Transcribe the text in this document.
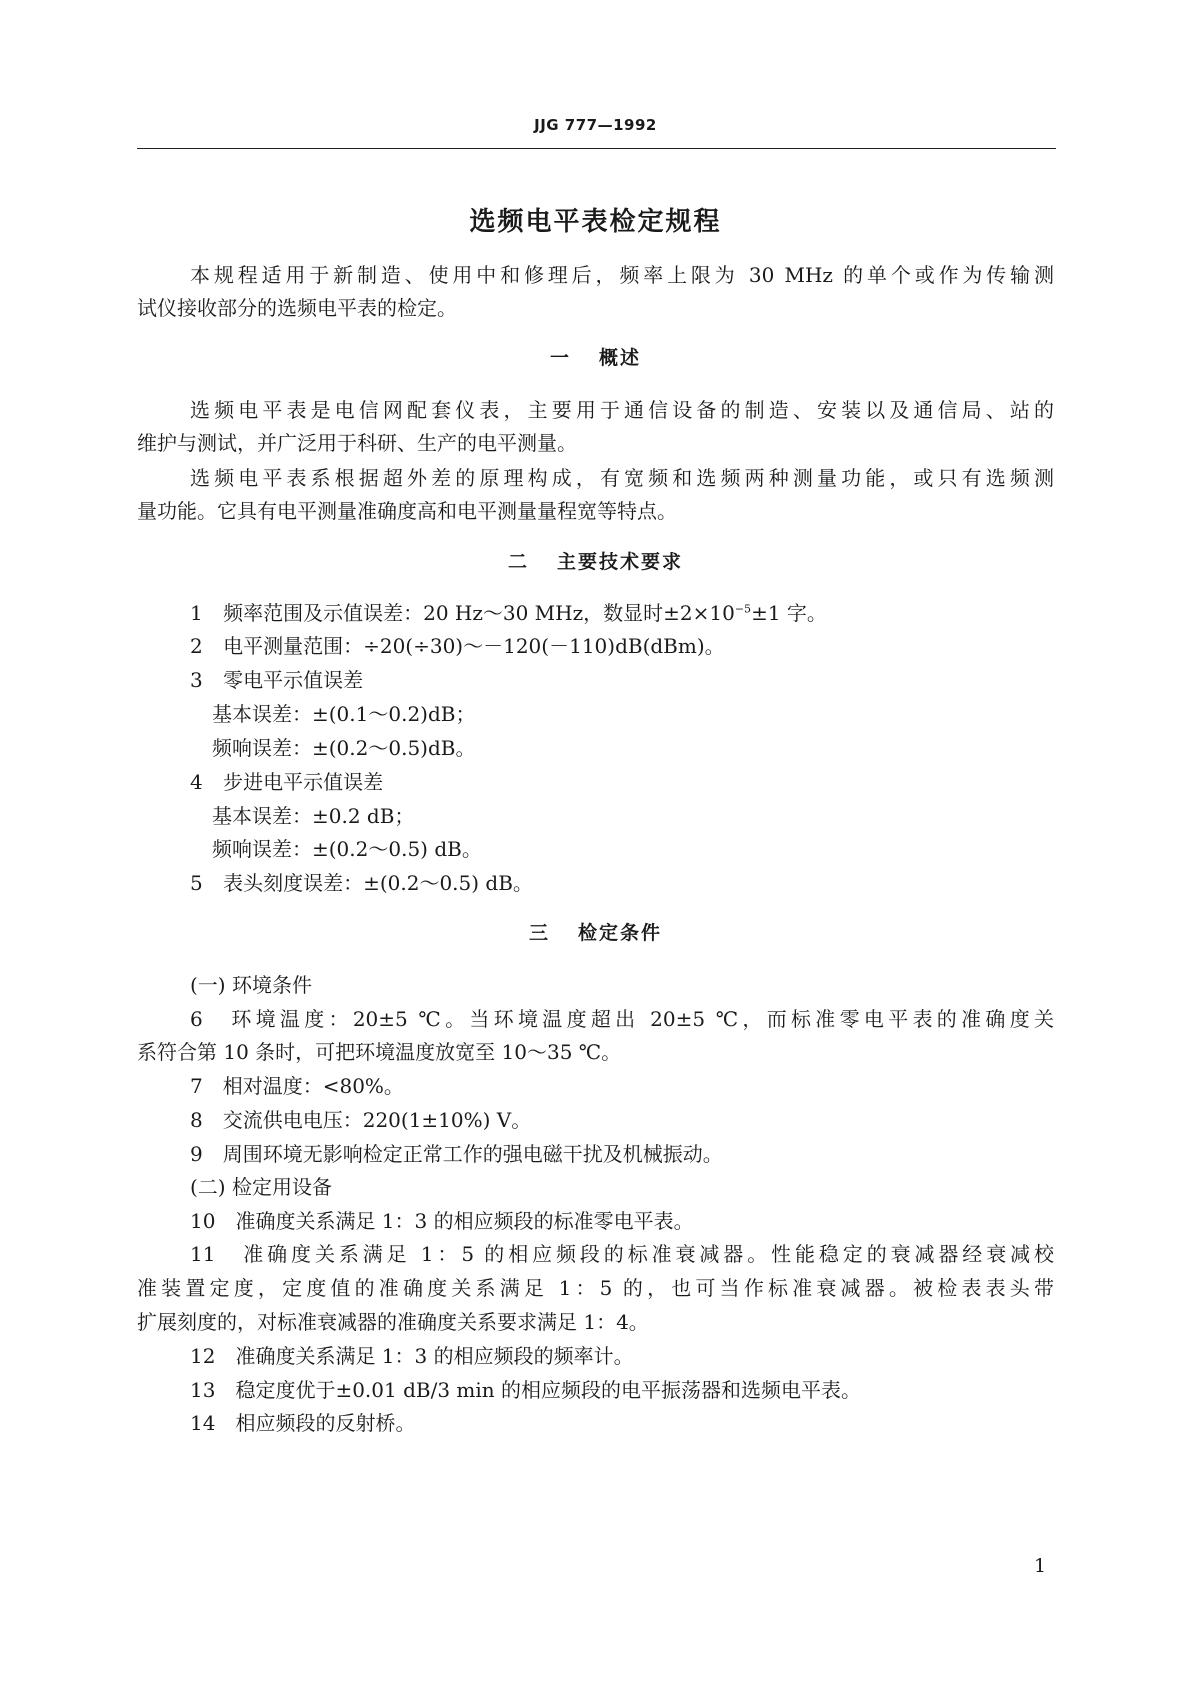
JJG 777—1992
选频电平表检定规程
本规程适用于新制造、使用中和修理后，频率上限为 30 MHz 的单个或作为传输测
试仪接收部分的选频电平表的检定。
一 概述
选频电平表是电信网配套仪表，主要用于通信设备的制造、安装以及通信局、站的
维护与测试，并广泛用于科研、生产的电平测量。
选频电平表系根据超外差的原理构成，有宽频和选频两种测量功能，或只有选频测
量功能。它具有电平测量准确度高和电平测量量程宽等特点。
二 主要技术要求
1 频率范围及示值误差：20 Hz～30 MHz，数显时$\pm 2\times 10^{-5}\pm 1$ 字。
2 电平测量范围：÷20(÷30)～－120(－110)dB(dBm)。
3 零电平示值误差
基本误差：±(0.1～0.2)dB；
频响误差：±(0.2～0.5)dB。
4 步进电平示值误差
基本误差：±0.2 dB；
频响误差：±(0.2～0.5) dB。
5 表头刻度误差：±(0.2～0.5) dB。
三 检定条件
(一) 环境条件
6　环境温度：20±5 ℃。当环境温度超出 20±5 ℃，而标准零电平表的准确度关
系符合第 10 条时，可把环境温度放宽至 10～35 ℃。
7　相对温度：<80%。
8　交流供电电压：220(1±10%) V。
9　周围环境无影响检定正常工作的强电磁干扰及机械振动。
(二) 检定用设备
10　准确度关系满足 1：3 的相应频段的标准零电平表。
11　准确度关系满足 1：5 的相应频段的标准衰减器。性能稳定的衰减器经衰减校
准装置定度，定度值的准确度关系满足 1：5 的，也可当作标准衰减器。被检表表头带
扩展刻度的，对标准衰减器的准确度关系要求满足 1：4。
12　准确度关系满足 1：3 的相应频段的频率计。
13　稳定度优于±0.01 dB/3 min 的相应频段的电平振荡器和选频电平表。
14　相应频段的反射桥。
1
